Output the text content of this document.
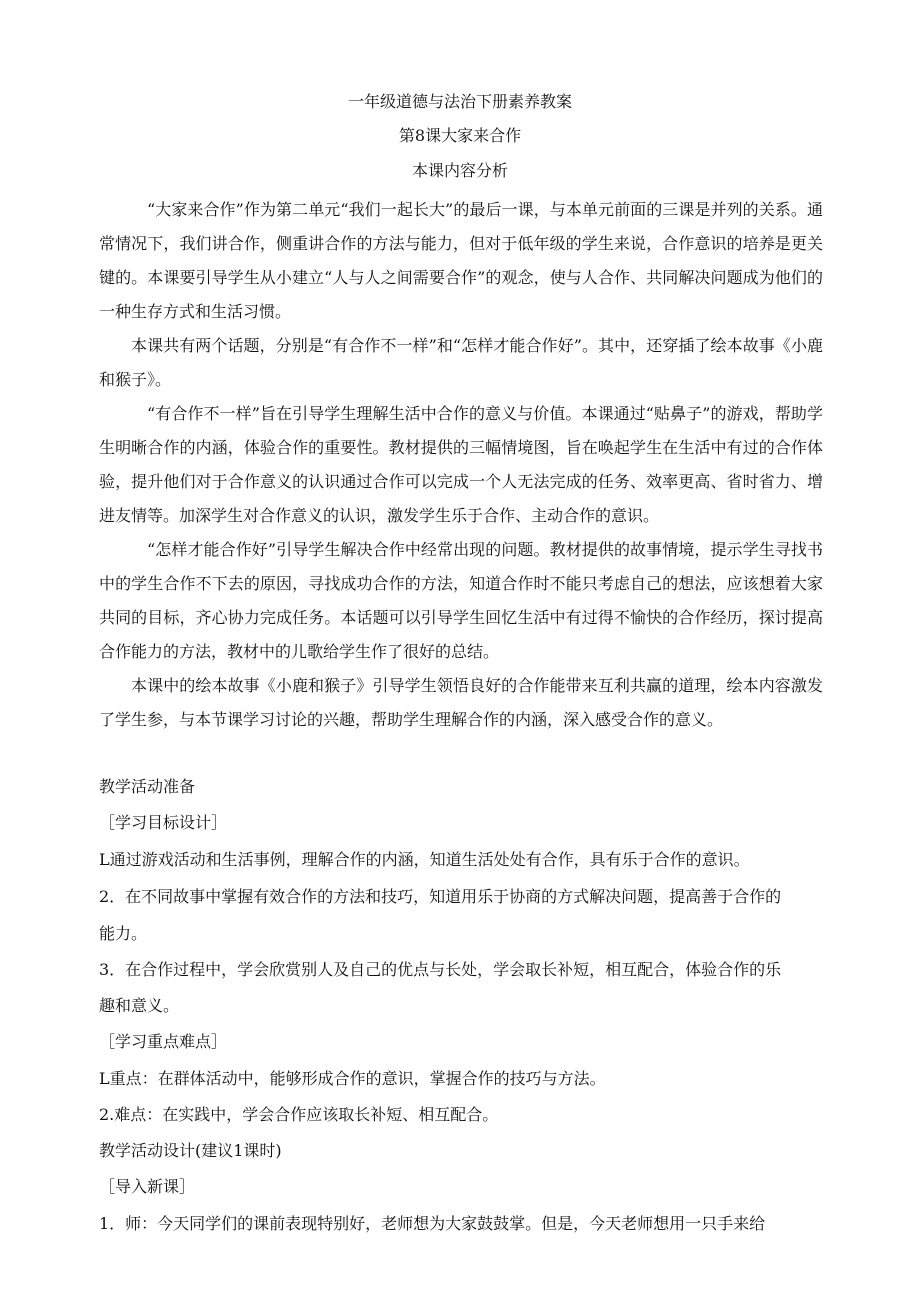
一年级道德与法治下册素养教案
第8课大家来合作
本课内容分析

“大家来合作”作为第二单元“我们一起长大”的最后一课，与本单元前面的三课是并列的关系。通常情况下，我们讲合作，侧重讲合作的方法与能力，但对于低年级的学生来说，合作意识的培养是更关键的。本课要引导学生从小建立“人与人之间需要合作”的观念，使与人合作、共同解决问题成为他们的一种生存方式和生活习惯。

本课共有两个话题，分别是“有合作不一样”和“怎样才能合作好”。其中，还穿插了绘本故事《小鹿和猴子》。

“有合作不一样”旨在引导学生理解生活中合作的意义与价值。本课通过“贴鼻子”的游戏，帮助学生明晰合作的内涵，体验合作的重要性。教材提供的三幅情境图，旨在唤起学生在生活中有过的合作体验，提升他们对于合作意义的认识通过合作可以完成一个人无法完成的任务、效率更高、省时省力、增进友情等。加深学生对合作意义的认识，激发学生乐于合作、主动合作的意识。

“怎样才能合作好”引导学生解决合作中经常出现的问题。教材提供的故事情境，提示学生寻找书中的学生合作不下去的原因，寻找成功合作的方法，知道合作时不能只考虑自己的想法，应该想着大家共同的目标，齐心协力完成任务。本话题可以引导学生回忆生活中有过得不愉快的合作经历，探讨提高合作能力的方法，教材中的儿歌给学生作了很好的总结。

本课中的绘本故事《小鹿和猴子》引导学生领悟良好的合作能带来互利共赢的道理，绘本内容激发了学生参，与本节课学习讨论的兴趣，帮助学生理解合作的内涵，深入感受合作的意义。

教学活动准备
［学习目标设计］
L通过游戏活动和生活事例，理解合作的内涵，知道生活处处有合作，具有乐于合作的意识。
2．在不同故事中掌握有效合作的方法和技巧，知道用乐于协商的方式解决问题，提高善于合作的
能力。
3．在合作过程中，学会欣赏别人及自己的优点与长处，学会取长补短，相互配合，体验合作的乐
趣和意义。
［学习重点难点］
L重点：在群体活动中，能够形成合作的意识，掌握合作的技巧与方法。
2.难点：在实践中，学会合作应该取长补短、相互配合。
教学活动设计(建议1课时)
［导入新课］
1．师：今天同学们的课前表现特别好，老师想为大家鼓鼓掌。但是，今天老师想用一只手来给
